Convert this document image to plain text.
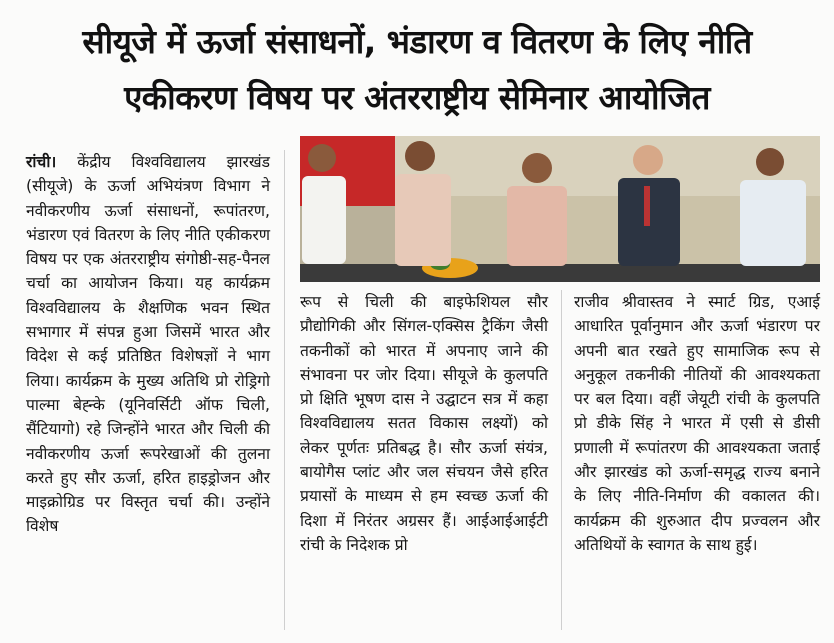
सीयूजे में ऊर्जा संसाधनों, भंडारण व वितरण के लिए नीति
एकीकरण विषय पर अंतरराष्ट्रीय सेमिनार आयोजित
रांची। केंद्रीय विश्वविद्यालय झारखंड (सीयूजे) के ऊर्जा अभियंत्रण विभाग ने नवीकरणीय ऊर्जा संसाधनों, रूपांतरण, भंडारण एवं वितरण के लिए नीति एकीकरण विषय पर एक अंतरराष्ट्रीय संगोष्ठी-सह-पैनल चर्चा का आयोजन किया। यह कार्यक्रम विश्वविद्यालय के शैक्षणिक भवन स्थित सभागार में संपन्न हुआ जिसमें भारत और विदेश से कई प्रतिष्ठित विशेषज्ञों ने भाग लिया। कार्यक्रम के मुख्य अतिथि प्रो रोड्रिगो पाल्मा बेह्न्के (यूनिवर्सिटी ऑफ चिली, सैंटियागो) रहे जिन्होंने भारत और चिली की नवीकरणीय ऊर्जा रूपरेखाओं की तुलना करते हुए सौर ऊर्जा, हरित हाइड्रोजन और माइक्रोग्रिड पर विस्तृत चर्चा की। उन्होंने विशेष
रूप से चिली की बाइफेशियल सौर प्रौद्योगिकी और सिंगल-एक्सिस ट्रैकिंग जैसी तकनीकों को भारत में अपनाए जाने की संभावना पर जोर दिया। सीयूजे के कुलपति प्रो क्षिति भूषण दास ने उद्घाटन सत्र में कहा विश्वविद्यालय सतत विकास लक्ष्यों) को लेकर पूर्णतः प्रतिबद्ध है। सौर ऊर्जा संयंत्र, बायोगैस प्लांट और जल संचयन जैसे हरित प्रयासों के माध्यम से हम स्वच्छ ऊर्जा की दिशा में निरंतर अग्रसर हैं। आईआईआईटी रांची के निदेशक प्रो
राजीव श्रीवास्तव ने स्मार्ट ग्रिड, एआई आधारित पूर्वानुमान और ऊर्जा भंडारण पर अपनी बात रखते हुए सामाजिक रूप से अनुकूल तकनीकी नीतियों की आवश्यकता पर बल दिया। वहीं जेयूटी रांची के कुलपति प्रो डीके सिंह ने भारत में एसी से डीसी प्रणाली में रूपांतरण की आवश्यकता जताई और झारखंड को ऊर्जा-समृद्ध राज्य बनाने के लिए नीति-निर्माण की वकालत की। कार्यक्रम की शुरुआत दीप प्रज्वलन और अतिथियों के स्वागत के साथ हुई।
